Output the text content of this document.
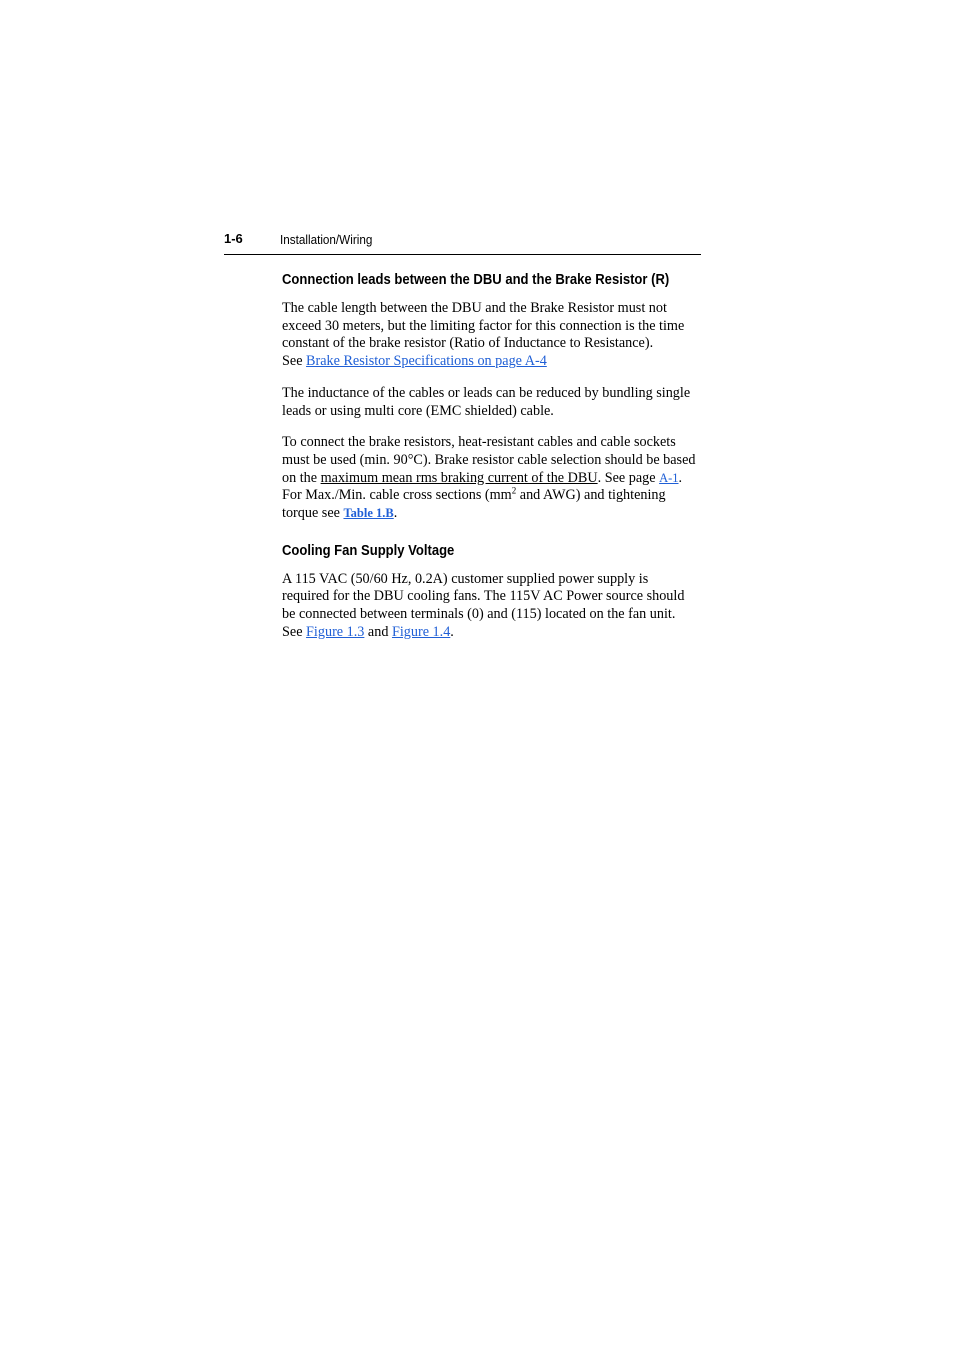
1-6	Installation/Wiring
Connection leads between the DBU and the Brake Resistor (R)

The cable length between the DBU and the Brake Resistor must not
exceed 30 meters, but the limiting factor for this connection is the time
constant of the brake resistor (Ratio of Inductance to Resistance).
See Brake Resistor Specifications on page A-4

The inductance of the cables or leads can be reduced by bundling single
leads or using multi core (EMC shielded) cable.

To connect the brake resistors, heat-resistant cables and cable sockets
must be used (min. 90°C). Brake resistor cable selection should be based
on the maximum mean rms braking current of the DBU. See page A-1.
For Max./Min. cable cross sections ($mm^2$ and AWG) and tightening
torque see Table 1.B.

Cooling Fan Supply Voltage

A 115 VAC (50/60 Hz, 0.2A) customer supplied power supply is
required for the DBU cooling fans. The 115V AC Power source should
be connected between terminals (0) and (115) located on the fan unit.
See Figure 1.3 and Figure 1.4.
